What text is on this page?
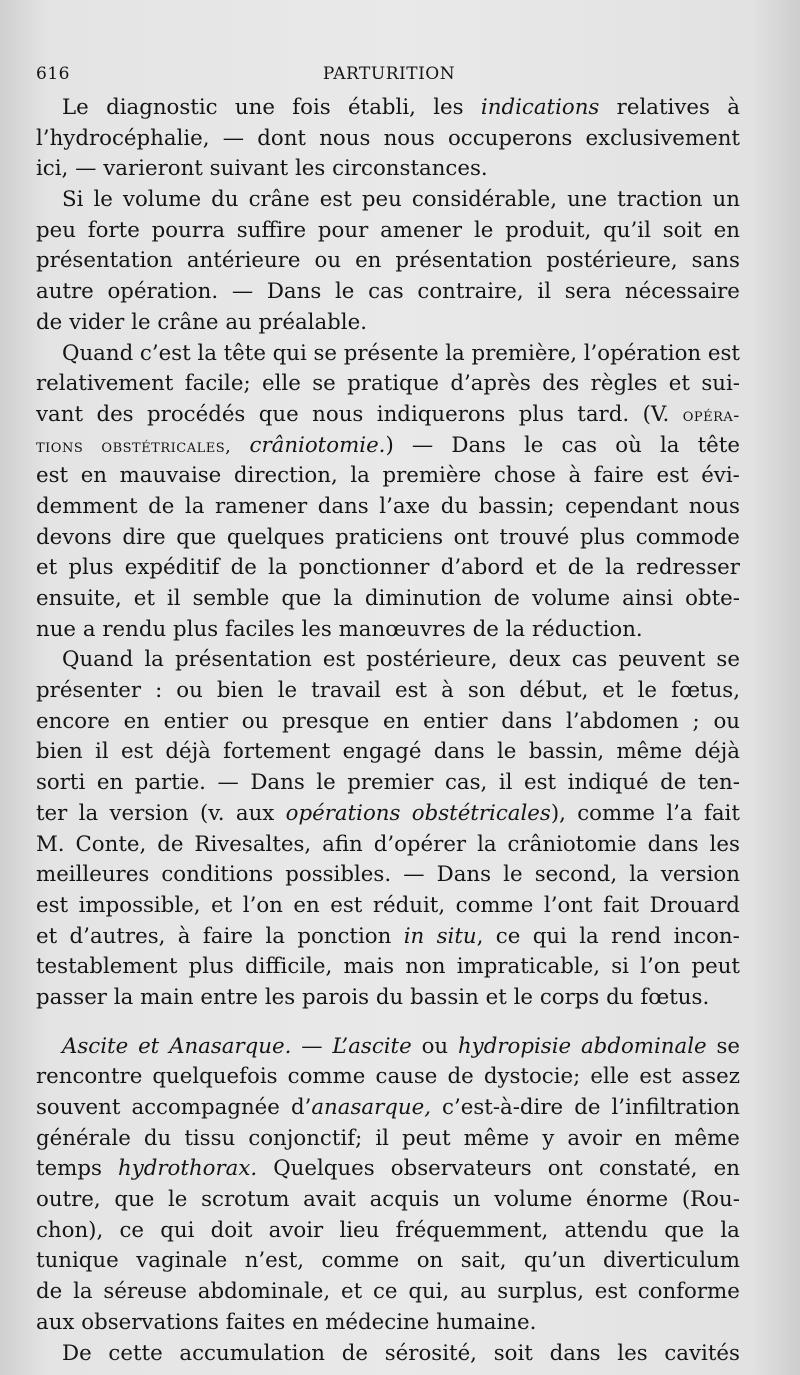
616	PARTURITION
Le diagnostic une fois établi, les indications relatives à
l’hydrocéphalie, — dont nous nous occuperons exclusivement
ici, — varieront suivant les circonstances.
Si le volume du crâne est peu considérable, une traction un
peu forte pourra suffire pour amener le produit, qu’il soit en
présentation antérieure ou en présentation postérieure, sans
autre opération. — Dans le cas contraire, il sera nécessaire
de vider le crâne au préalable.
Quand c’est la tête qui se présente la première, l’opération est
relativement facile; elle se pratique d’après des règles et sui-
vant des procédés que nous indiquerons plus tard. (V. opéra-
tions obstétricales, crâniotomie.) — Dans le cas où la tête
est en mauvaise direction, la première chose à faire est évi-
demment de la ramener dans l’axe du bassin; cependant nous
devons dire que quelques praticiens ont trouvé plus commode
et plus expéditif de la ponctionner d’abord et de la redresser
ensuite, et il semble que la diminution de volume ainsi obte-
nue a rendu plus faciles les manœuvres de la réduction.
Quand la présentation est postérieure, deux cas peuvent se
présenter : ou bien le travail est à son début, et le fœtus,
encore en entier ou presque en entier dans l’abdomen ; ou
bien il est déjà fortement engagé dans le bassin, même déjà
sorti en partie. — Dans le premier cas, il est indiqué de ten-
ter la version (v. aux opérations obstétricales), comme l’a fait
M. Conte, de Rivesaltes, afin d’opérer la crâniotomie dans les
meilleures conditions possibles. — Dans le second, la version
est impossible, et l’on en est réduit, comme l’ont fait Drouard
et d’autres, à faire la ponction in situ, ce qui la rend incon-
testablement plus difficile, mais non impraticable, si l’on peut
passer la main entre les parois du bassin et le corps du fœtus.
Ascite et Anasarque. — L’ascite ou hydropisie abdominale se
rencontre quelquefois comme cause de dystocie; elle est assez
souvent accompagnée d’anasarque, c’est-à-dire de l’infiltration
générale du tissu conjonctif; il peut même y avoir en même
temps hydrothorax. Quelques observateurs ont constaté, en
outre, que le scrotum avait acquis un volume énorme (Rou-
chon), ce qui doit avoir lieu fréquemment, attendu que la
tunique vaginale n’est, comme on sait, qu’un diverticulum
de la séreuse abdominale, et ce qui, au surplus, est conforme
aux observations faites en médecine humaine.
De cette accumulation de sérosité, soit dans les cavités
